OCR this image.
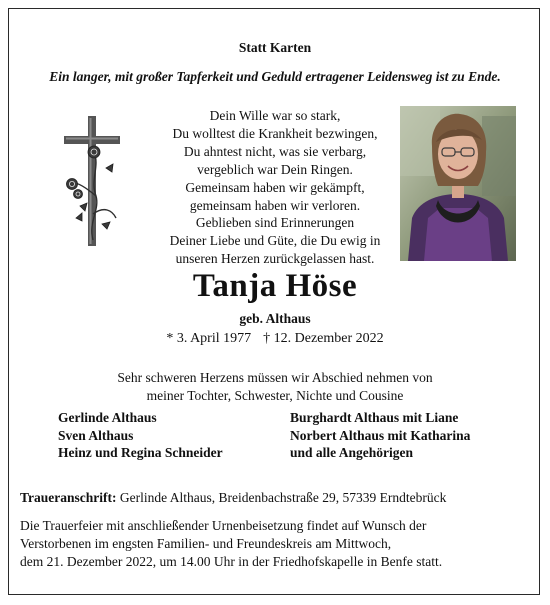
Statt Karten
Ein langer, mit großer Tapferkeit und Geduld ertragener Leidensweg ist zu Ende.
Dein Wille war so stark,
Du wolltest die Krankheit bezwingen,
Du ahntest nicht, was sie verbarg,
vergeblich war Dein Ringen.
Gemeinsam haben wir gekämpft,
gemeinsam haben wir verloren.
Geblieben sind Erinnerungen
Deiner Liebe und Güte, die Du ewig in
unseren Herzen zurückgelassen hast.
Tanja Höse
geb. Althaus
* 3. April 1977 † 12. Dezember 2022
Sehr schweren Herzens müssen wir Abschied nehmen von
meiner Tochter, Schwester, Nichte und Cousine
Gerlinde Althaus
Sven Althaus
Heinz und Regina Schneider
Burghardt Althaus mit Liane
Norbert Althaus mit Katharina
und alle Angehörigen
Traueranschrift: Gerlinde Althaus, Breidenbachstraße 29, 57339 Erndtebrück
Die Trauerfeier mit anschließender Urnenbeisetzung findet auf Wunsch der
Verstorbenen im engsten Familien- und Freundeskreis am Mittwoch,
dem 21. Dezember 2022, um 14.00 Uhr in der Friedhofskapelle in Benfe statt.
